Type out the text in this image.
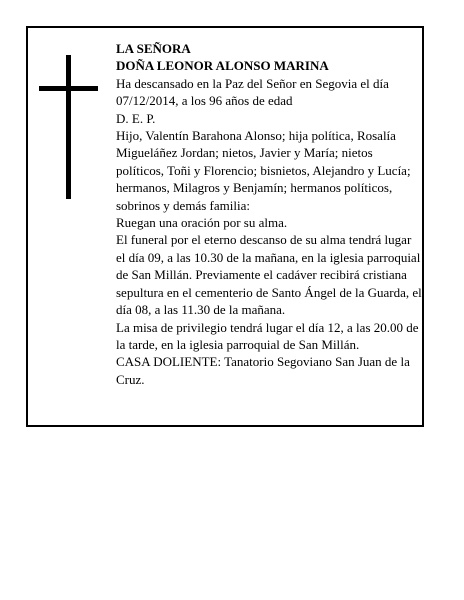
LA SEÑORA

DOÑA LEONOR ALONSO MARINA

Ha descansado en la Paz del Señor en Segovia el día 07/12/2014, a los 96 años de edad

D. E. P.

Hijo, Valentín Barahona Alonso; hija política, Rosalía Migueláñez Jordan; nietos, Javier y María; nietos políticos, Toñi y Florencio; bisnietos, Alejandro y Lucía; hermanos, Milagros y Benjamín; hermanos políticos, sobrinos y demás familia:

Ruegan una oración por su alma.

El funeral por el eterno descanso de su alma tendrá lugar el día 09, a las 10.30 de la mañana, en la iglesia parroquial de San Millán. Previamente el cadáver recibirá cristiana sepultura en el cementerio de Santo Ángel de la Guarda, el día 08, a las 11.30 de la mañana.

La misa de privilegio tendrá lugar el día 12, a las 20.00 de la tarde, en la iglesia parroquial de San Millán.

CASA DOLIENTE: Tanatorio Segoviano San Juan de la Cruz.
